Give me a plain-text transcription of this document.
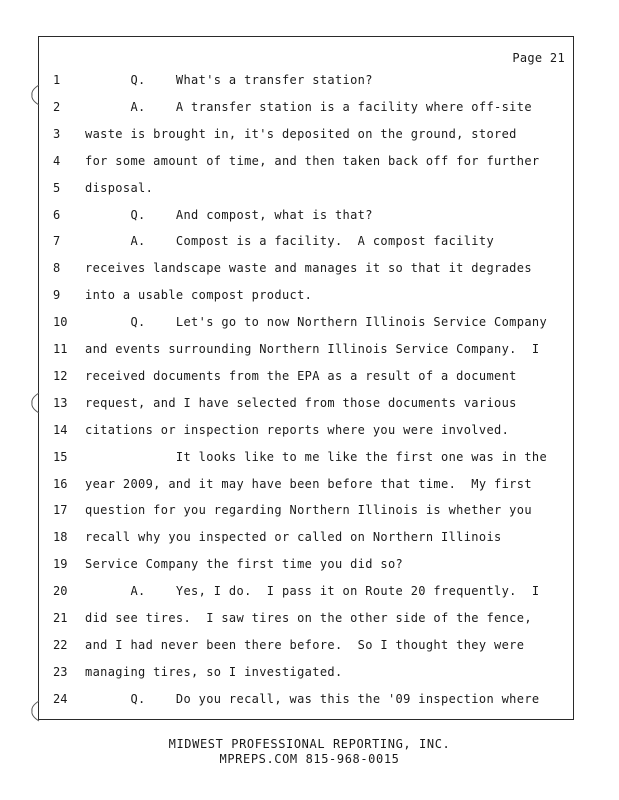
Page 21
1	Q.    What's a transfer station?
2	A.    A transfer station is a facility where off-site
3	waste is brought in, it's deposited on the ground, stored
4	for some amount of time, and then taken back off for further
5	disposal.
6	Q.    And compost, what is that?
7	A.    Compost is a facility.  A compost facility
8	receives landscape waste and manages it so that it degrades
9	into a usable compost product.
10	Q.    Let's go to now Northern Illinois Service Company
11	and events surrounding Northern Illinois Service Company.  I
12	received documents from the EPA as a result of a document
13	request, and I have selected from those documents various
14	citations or inspection reports where you were involved.
15	It looks like to me like the first one was in the
16	year 2009, and it may have been before that time.  My first
17	question for you regarding Northern Illinois is whether you
18	recall why you inspected or called on Northern Illinois
19	Service Company the first time you did so?
20	A.    Yes, I do.  I pass it on Route 20 frequently.  I
21	did see tires.  I saw tires on the other side of the fence,
22	and I had never been there before.  So I thought they were
23	managing tires, so I investigated.
24	Q.    Do you recall, was this the '09 inspection where
MIDWEST PROFESSIONAL REPORTING, INC.
MPREPS.COM 815-968-0015
